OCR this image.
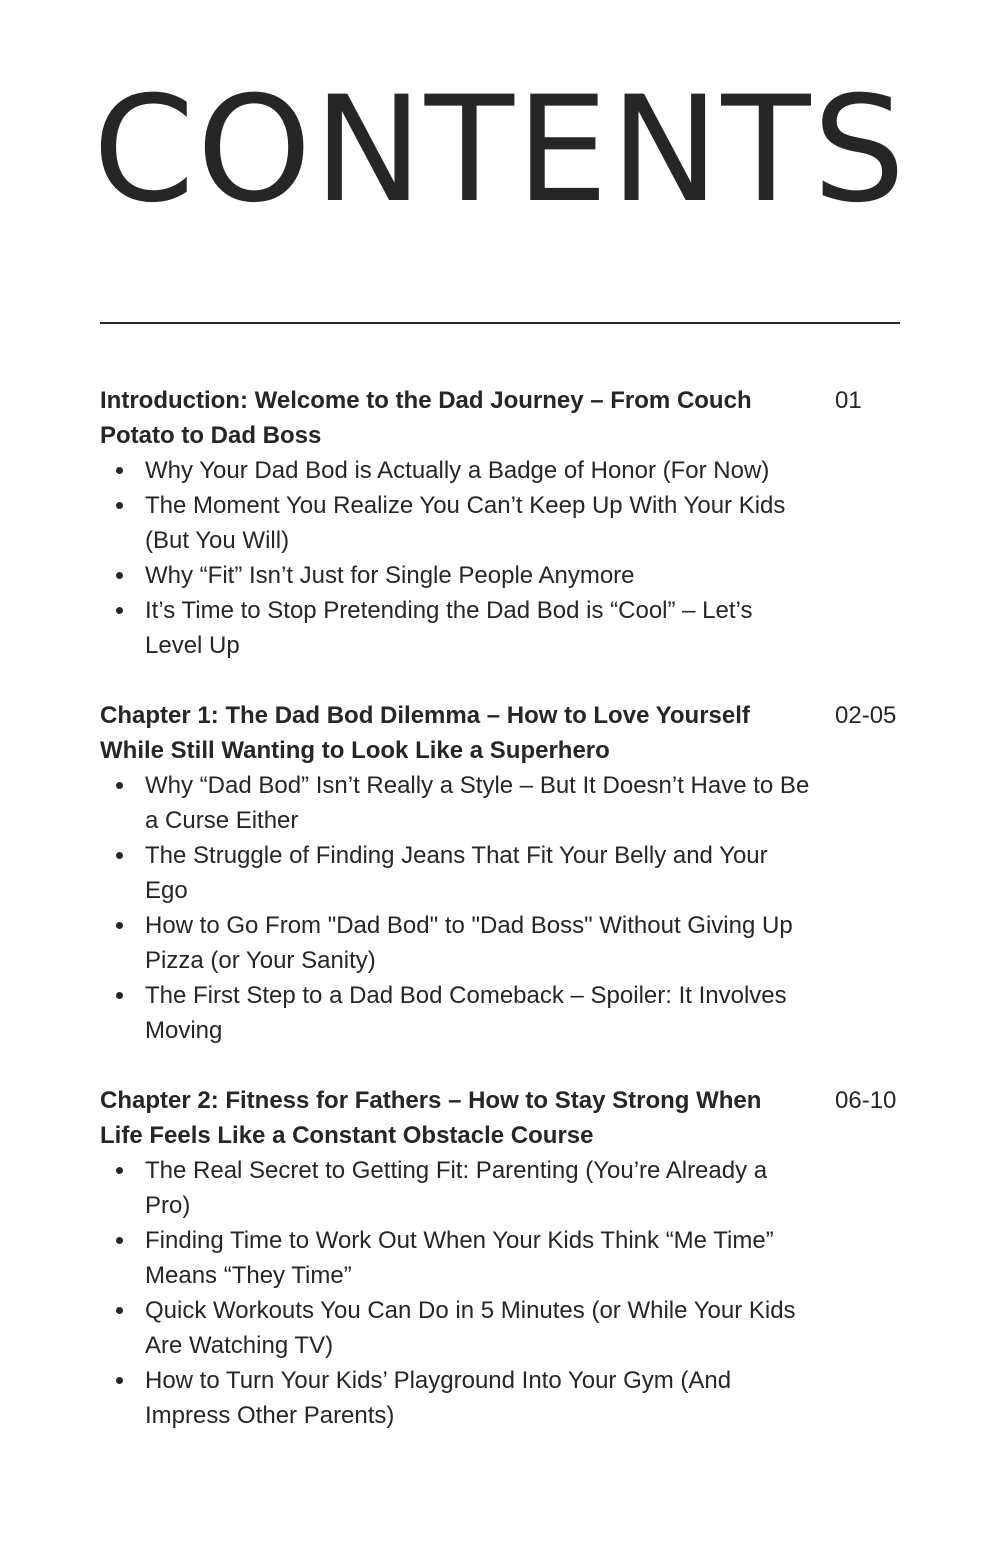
CONTENTS
Introduction: Welcome to the Dad Journey – From Couch Potato to Dad Boss
01
Why Your Dad Bod is Actually a Badge of Honor (For Now)
The Moment You Realize You Can’t Keep Up With Your Kids (But You Will)
Why “Fit” Isn’t Just for Single People Anymore
It’s Time to Stop Pretending the Dad Bod is “Cool” – Let’s Level Up
Chapter 1: The Dad Bod Dilemma – How to Love Yourself While Still Wanting to Look Like a Superhero
02-05
Why “Dad Bod” Isn’t Really a Style – But It Doesn’t Have to Be a Curse Either
The Struggle of Finding Jeans That Fit Your Belly and Your Ego
How to Go From "Dad Bod" to "Dad Boss" Without Giving Up Pizza (or Your Sanity)
The First Step to a Dad Bod Comeback – Spoiler: It Involves Moving
Chapter 2: Fitness for Fathers – How to Stay Strong When Life Feels Like a Constant Obstacle Course
06-10
The Real Secret to Getting Fit: Parenting (You’re Already a Pro)
Finding Time to Work Out When Your Kids Think “Me Time” Means “They Time”
Quick Workouts You Can Do in 5 Minutes (or While Your Kids Are Watching TV)
How to Turn Your Kids’ Playground Into Your Gym (And Impress Other Parents)
